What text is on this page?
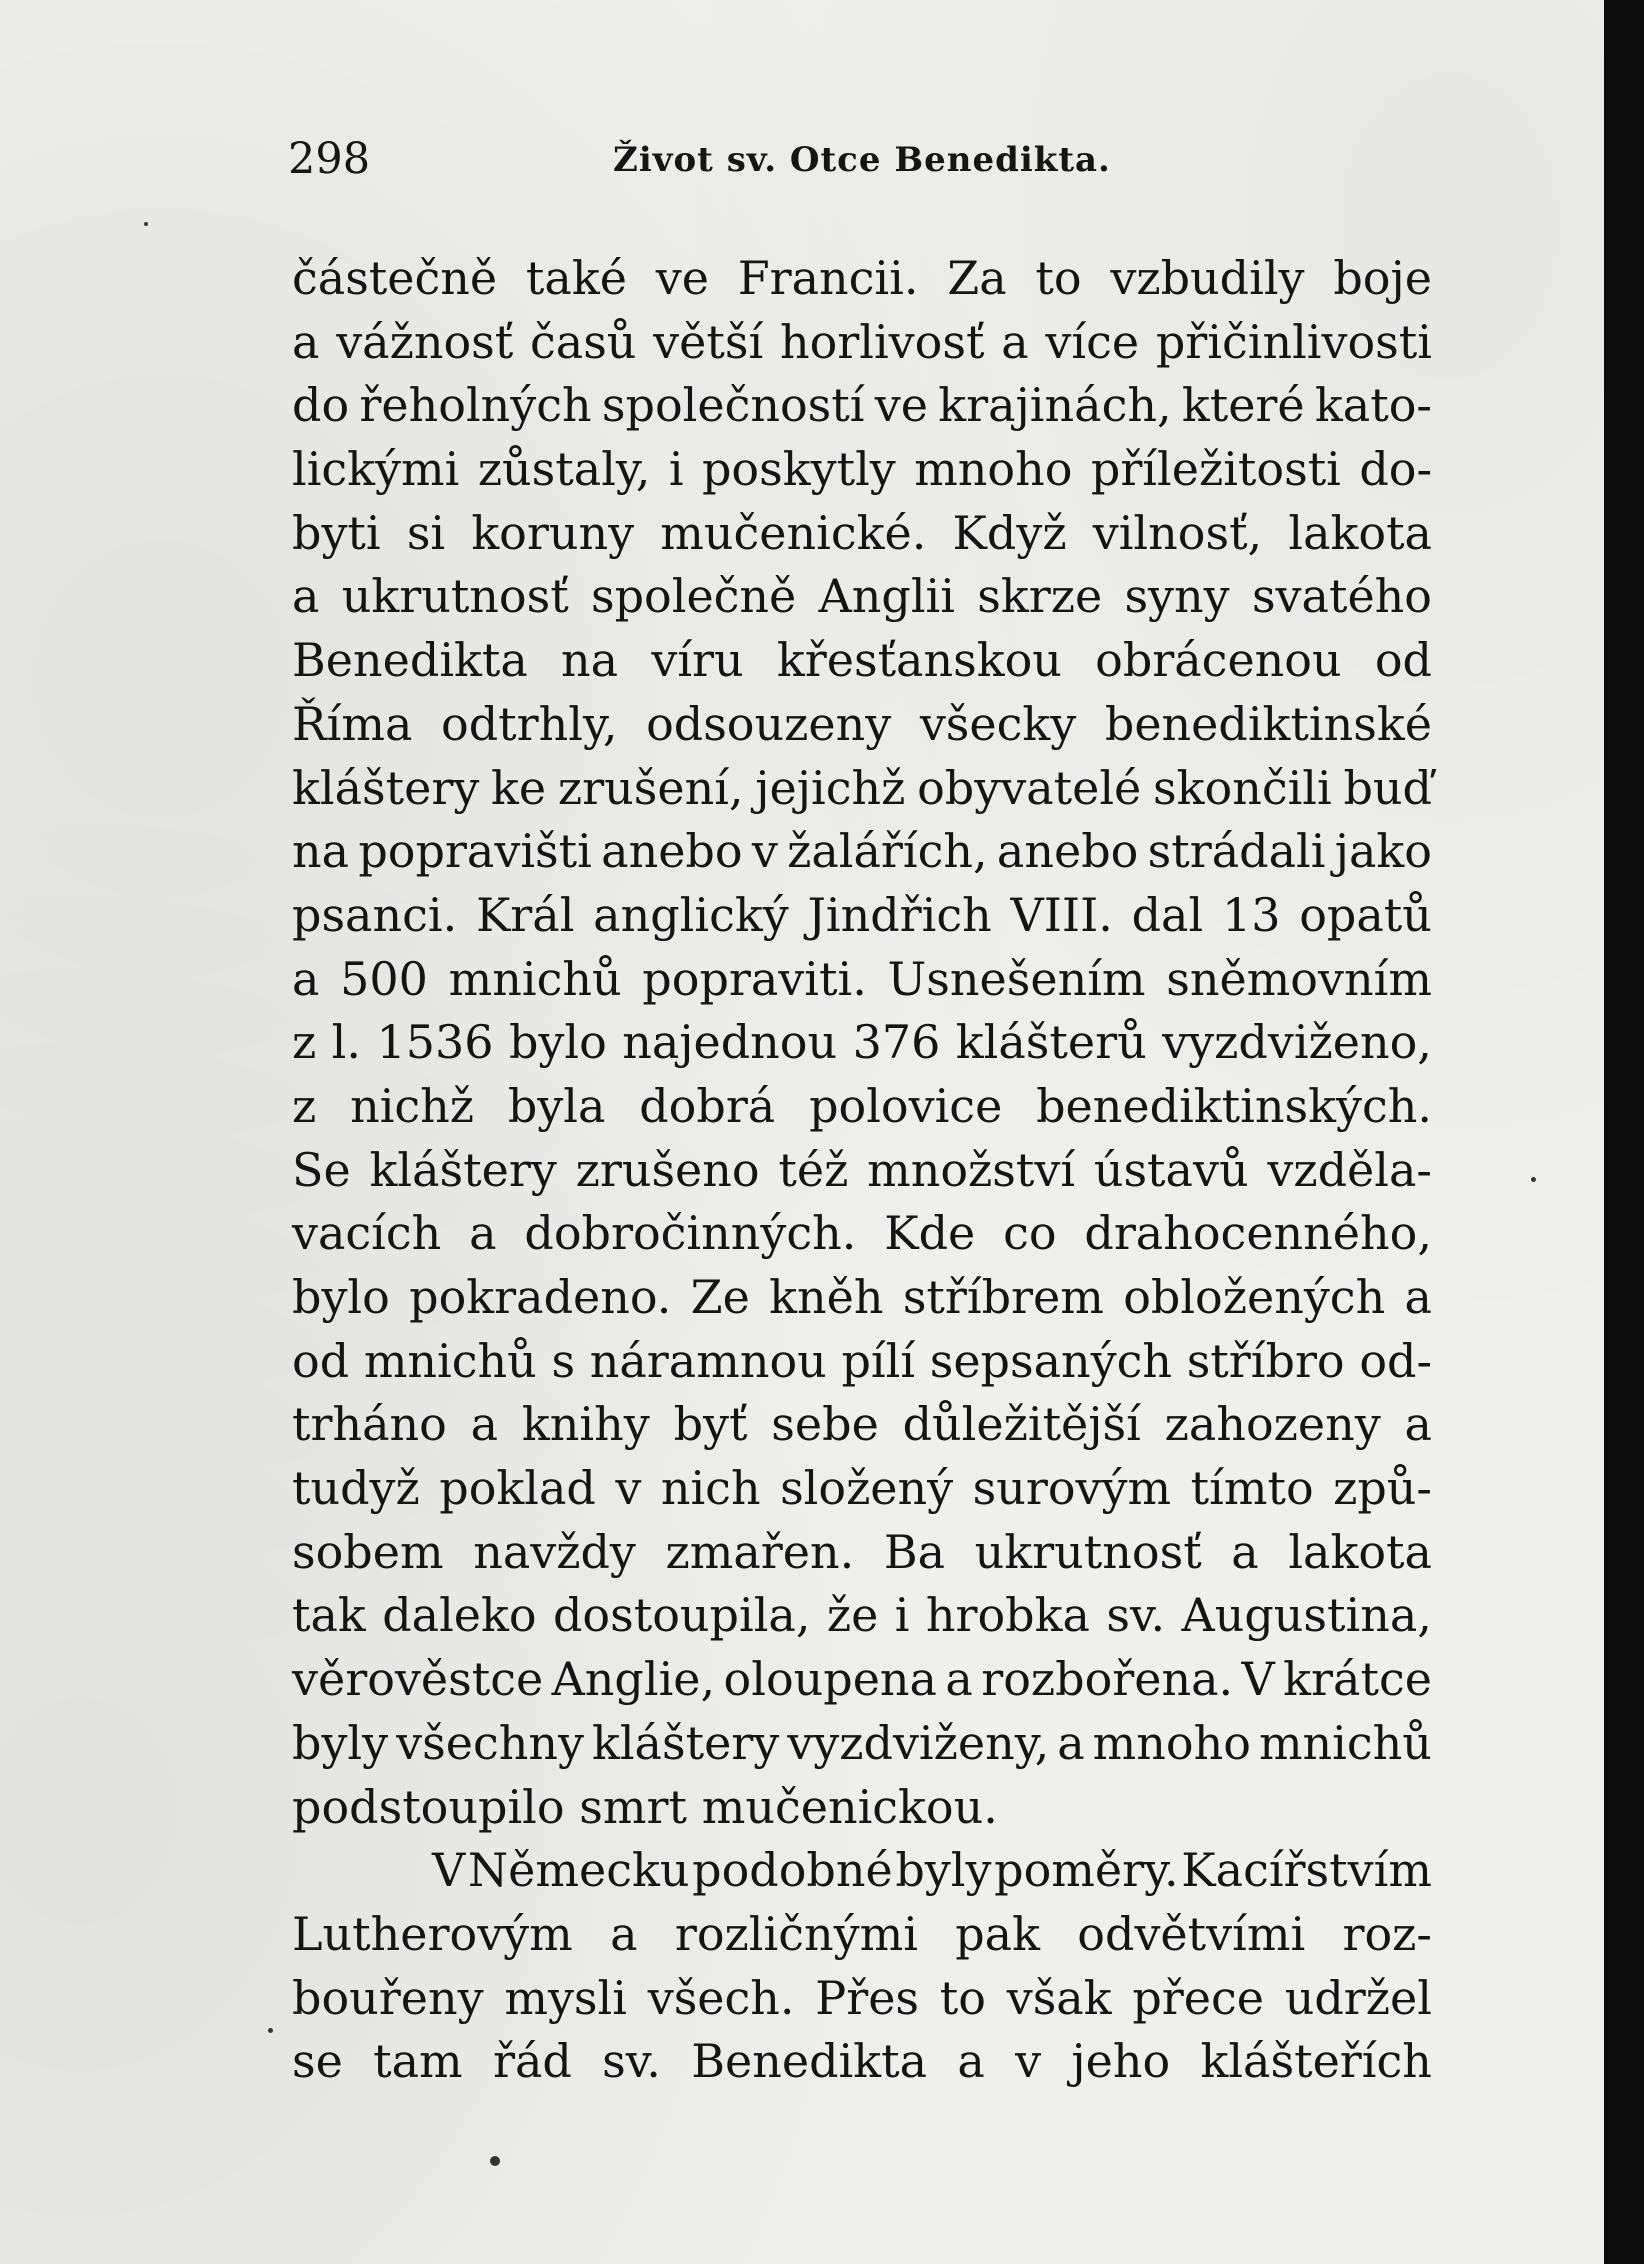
298	Život sv. Otce Benedikta.
částečně také ve Francii. Za to vzbudily boje
a vážnosť časů větší horlivosť a více přičinlivosti
do řeholných společností ve krajinách, které kato-
lickými zůstaly, i poskytly mnoho příležitosti do-
byti si koruny mučenické. Když vilnosť, lakota
a ukrutnosť společně Anglii skrze syny svatého
Benedikta na víru křesťanskou obrácenou od
Říma odtrhly, odsouzeny všecky benediktinské
kláštery ke zrušení, jejichž obyvatelé skončili buď
na popravišti anebo v žalářích, anebo strádali jako
psanci. Král anglický Jindřich VIII. dal 13 opatů
a 500 mnichů popraviti. Usnešením sněmovním
z l. 1536 bylo najednou 376 klášterů vyzdviženo,
z nichž byla dobrá polovice benediktinských.
Se kláštery zrušeno též množství ústavů vzděla-
vacích a dobročinných. Kde co drahocenného,
bylo pokradeno. Ze kněh stříbrem obložených a
od mnichů s náramnou pílí sepsaných stříbro od-
trháno a knihy byť sebe důležitější zahozeny a
tudyž poklad v nich složený surovým tímto způ-
sobem navždy zmařen. Ba ukrutnosť a lakota
tak daleko dostoupila, že i hrobka sv. Augustina,
věrověstce Anglie, oloupena a rozbořena. V krátce
byly všechny kláštery vyzdviženy, a mnoho mnichů
podstoupilo smrt mučenickou.
V Německu podobné byly poměry. Kacířstvím
Lutherovým a rozličnými pak odvětvími roz-
bouřeny mysli všech. Přes to však přece udržel
se tam řád sv. Benedikta a v jeho klášteřích
